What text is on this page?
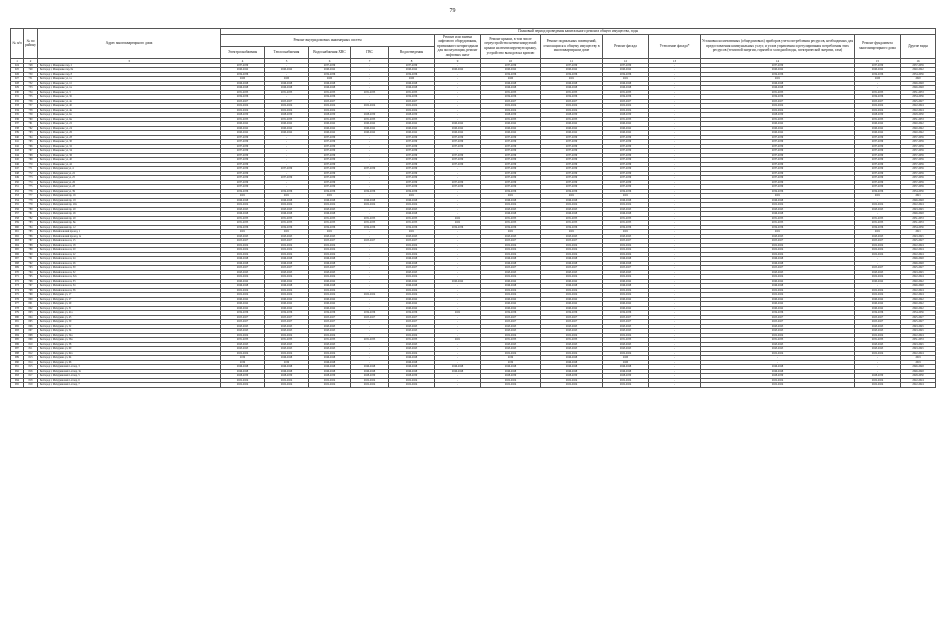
79
№ п/п	№ по району	Адрес многоквартирного дома	Плановый период проведения капитального ремонта общего имущества, годы												
			Ремонт внутридомовых инженерных систем					Ремонт или замена лифтового оборудования, признанного непригодным для эксплуатации, ремонт лифтовых шахт	Ремонт крыши, в том числе переустройство невентилируемой крыши на вентилируемую крышу, устройство выходов на кровлю	Ремонт подвальных помещений, относящихся к общему имуществу в многоквартирном доме	Ремонт фасада	Утепление фасада*	Установка коллективных (общедомовых) приборов учета потребления ресурсов, необходимых для предоставления коммунальных услуг, и узлов управления и регулирования потребления этих ресурсов (тепловой энергии, горячей и холодной воды, электрической энергии, газа)	Ремонт фундамента многоквартирного дома	Другие виды
			Электроснабжения	Теплоснабжения	Водоснабжения ХВС	ГВС	Водоотведения								
1	2	3	4	5	6	7	8	9	10	11	12	13	14	15	16
924	748	Белгород г, Макаренко пер, 2	2037-2039	-	2037-2039	-	2037-2039	-	2037-2039	2037-2039	2037-2039	-	2037-2039	2037-2039	2037-2039
925	749	Белгород г, Макаренко пер, 6а	2040-2042	2040-2042	2040-2042	-	2040-2042	2040-2042	2040-2042	2040-2042	2040-2042	-	2040-2042	2040-2042	2040-2042
926	750	Белгород г, Макаренко пер, 8	2034-2036	-	2034-2036	-	2034-2036	-	2034-2036	2034-2036	2034-2036	-	2034-2036	2034-2036	2034-2036
927	751	Белгород г, Макаренко ул, 1а	2020	2020	2020	-	2020	-	2020	2021	2021	-	2021	2020	2020
928	752	Белгород г, Макаренко ул, 1б	2046-2048	2046-2048	2046-2048	-	2046-2048	-	2046-2048	2046-2048	2046-2048	-	2046-2048	-	2046-2048
929	753	Белгород г, Макаренко ул, 1в	2046-2048	2046-2048	2046-2048	-	2046-2048	-	2046-2048	2046-2048	2046-2048	-	2046-2048	-	2046-2048
930	754	Белгород г, Макаренко ул, 3	2031-2033	2031-2033	2031-2033	2031-2033	2031-2033	-	2031-2033	2031-2033	2031-2033	-	2031-2033	2031-2033	2031-2033
931	755	Белгород г, Макаренко ул, 3б	2034-2036	-	2034-2036	-	2034-2036	-	2034-2036	2034-2036	2034-2036	-	2034-2036	2034-2036	2034-2036
932	756	Белгород г, Макаренко ул, 4а	2025-2027	2025-2027	2025-2027	-	2025-2027	-	2025-2027	2025-2027	2025-2027	-	2025-2027	2025-2027	2025-2027
933	757	Белгород г, Макаренко ул, 4б	2022-2024	2022-2024	2022-2024	2022-2024	2022-2024	-	2022-2024	2022-2024	2022-2024	-	2022-2024	2022-2024	2022-2024
934	758	Белгород г, Макаренко ул, 4в	2022-2024	2022-2024	2022-2024	-	2022-2024	-	2022-2024	2022-2024	2022-2024	-	2022-2024	2022-2024	2022-2024
935	759	Белгород г, Макаренко ул, 6а	2028-2030	2028-2030	2028-2030	2028-2030	2028-2030	-	2028-2030	2028-2030	2028-2030	-	2028-2030	2028-2030	2028-2030
936	760	Белгород г, Макаренко ул, 6в	2031-2033	2031-2033	2031-2033	2031-2033	2031-2033	-	2031-2033	2031-2033	2031-2033	-	2031-2033	2031-2033	2031-2033
937	761	Белгород г, Макаренко ул, 22	2040-2042	2040-2042	2040-2042	2040-2042	2040-2042	2040-2042	2040-2042	2040-2042	2040-2042	-	2040-2042	2040-2042	2040-2042
938	762	Белгород г, Макаренко ул, 24	2040-2042	2040-2042	2040-2042	2040-2042	2040-2042	2040-2042	2040-2042	2040-2042	2040-2042	-	2040-2042	2040-2042	2040-2042
939	763	Белгород г, Макаренко ул, 26	2040-2042	2040-2042	2040-2042	2040-2042	2040-2042	2040-2042	2040-2042	2040-2042	2040-2042	-	2040-2042	2040-2042	2040-2042
940	764	Белгород г, Макаренко ул, 28	2037-2039	-	2037-2039	-	2037-2039	2037-2039	2037-2039	2037-2039	2037-2039	-	2037-2039	2037-2039	2037-2039
941	765	Белгород г, Макаренко ул, 30	2037-2039	-	2037-2039	-	2037-2039	2037-2039	2037-2039	2037-2039	2037-2039	-	2037-2039	2037-2039	2037-2039
942	766	Белгород г, Макаренко ул, 32	2037-2039	-	2037-2039	-	2037-2039	2037-2039	2037-2039	2037-2039	2037-2039	-	2037-2039	2037-2039	2037-2039
943	767	Белгород г, Макаренко ул, 34	2037-2039	-	2037-2039	-	2037-2039	-	2037-2039	2037-2039	2037-2039	-	2037-2039	2037-2039	2037-2039
944	768	Белгород г, Макаренко ул, 36	2037-2039	-	2037-2039	-	2037-2039	2037-2039	2037-2039	2037-2039	2037-2039	-	2037-2039	2037-2039	2037-2039
945	769	Белгород г, Макаренко ул, 40	2037-2039	-	2037-2039	-	2037-2039	2037-2039	2037-2039	2037-2039	2037-2039	-	2037-2039	2037-2039	2037-2039
946	770	Белгород г, Макаренко ул, 42	2037-2039	-	2037-2039	-	2037-2039	2037-2039	2037-2039	2037-2039	2037-2039	-	2037-2039	2037-2039	2037-2039
947	771	Белгород г, Мичуринская ул, 4	2037-2039	2037-2039	2037-2039	2037-2039	2037-2039	-	2037-2039	2037-2039	2037-2039	-	2037-2039	2037-2039	2037-2039
948	772	Белгород г, Мичуринская ул, 22	2037-2039	-	2037-2039	-	2037-2039	-	2037-2039	2037-2039	2037-2039	-	2037-2039	2037-2039	2037-2039
949	773	Белгород г, Мичуринская ул, 25	2037-2039	2037-2039	2037-2039	-	2037-2039	-	2037-2039	2037-2039	2037-2039	-	2037-2039	2037-2039	2037-2039
950	774	Белгород г, Мичуринская ул, 26	2037-2039	-	2037-2039	-	2037-2039	2037-2039	2037-2039	2037-2039	2037-2039	-	2037-2039	2037-2039	2037-2039
951	775	Белгород г, Мичуринская ул, 28	2037-2039	-	2037-2039	-	2037-2039	2037-2039	2037-2039	2037-2039	2037-2039	-	2037-2039	2037-2039	2037-2039
952	776	Белгород г, Мичуринская ул, 39	2034-2036	2034-2036	2034-2036	2034-2036	2034-2036	-	2034-2036	2034-2036	2034-2036	-	2034-2036	2034-2036	2034-2036
953	777	Белгород г, Мичуринский пр, 16	2021	2021	2021	-	2021	-	2021	2021	2021	-	2021	2021	2021
954	778	Белгород г, Мичуринский пр, 18	2046-2048	2046-2048	2046-2048	2046-2048	2046-2048	-	2046-2048	2046-2048	2046-2048	-	2046-2048	-	2046-2048
955	779	Белгород г, Мичуринский пр, 20а	2022-2024	2022-2024	2022-2024	2022-2024	2022-2024	-	2022-2024	2022-2024	2022-2024	-	2022-2024	2022-2024	2022-2024
956	780	Белгород г, Мичуринский пр, 20	2043-2045	2043-2045	2043-2045	-	2043-2045	-	2043-2045	2043-2045	2043-2045	-	2043-2045	2043-2045	2043-2045
957	781	Белгород г, Мичуринский пр, 26	2046-2048	2046-2048	2046-2048	-	2046-2048	-	2046-2048	2046-2048	2046-2048	-	2046-2048	-	2046-2048
958	782	Белгород г, Мичуринский пр, 20	2031-2033	2031-2033	2031-2033	2031-2033	2031-2033	2022	2031-2033	2031-2033	2031-2033	-	2031-2033	2031-2033	2031-2033
959	783	Белгород г, Мичуринский пр, 8в	2031-2033	2031-2033	2031-2033	2031-2033	2031-2033	2022	2031-2033	2031-2033	2031-2033	-	2031-2033	2031-2033	2031-2033
960	784	Белгород г, Мичуринский пр, 12	2034-2036	2034-2036	2034-2036	2034-2036	2034-2036	2034-2036	2034-2036	2034-2036	2034-2036	-	2034-2036	2034-2036	2034-2036
961	785	Белгород г, Михайловский проезд, 1	2021	2021	2021	-	2021	-	2021	2021	2021	-	2021	2021	2021
962	786	Белгород г, Михайловский проезд, 1а	2043-2045	2043-2045	2043-2045	-	2043-2045	-	2043-2045	2043-2045	2043-2045	-	2043-2045	2043-2045	2043-2045
963	787	Белгород г, Михайловское ш, 15	2025-2027	2025-2027	2025-2027	2025-2027	2025-2027	-	2025-2027	2025-2027	2025-2027	-	2025-2027	2025-2027	2025-2027
964	788	Белгород г, Михайловское ш, 18	2022-2024	2022-2024	2022-2024	-	2022-2024	-	2022-2024	2022-2024	2022-2024	-	2022-2024	2022-2024	2022-2024
965	789	Белгород г, Михайловское ш, 20	2022-2024	2022-2024	2022-2024	-	2022-2024	-	2022-2024	2022-2024	2022-2024	-	2022-2024	2022-2024	2022-2024
966	790	Белгород г, Михайловское ш, 22	2022-2024	2022-2024	2022-2024	-	2022-2024	-	2022-2024	2022-2024	2022-2024	-	2022-2024	2022-2024	2022-2024
967	791	Белгород г, Михайловское ш, 24	2046-2048	2046-2048	2046-2048	-	2046-2048	-	2046-2048	2046-2048	2046-2048	-	2046-2048	-	2046-2048
968	792	Белгород г, Михайловское ш, 26	2046-2048	2046-2048	2046-2048	-	2046-2048	-	2046-2048	2046-2048	2046-2048	-	2046-2048	-	2046-2048
969	793	Белгород г, Михайловское ш, 30	2025-2027	2025-2027	2025-2027	-	2025-2027	-	2025-2027	2025-2027	2025-2027	-	2025-2027	2025-2027	2025-2027
970	794	Белгород г, Михайловское ш, 32	2043-2045	2043-2045	2043-2045	-	2043-2045	-	2043-2045	2043-2045	2043-2045	-	2043-2045	2043-2045	2043-2045
971	795	Белгород г, Михайловское ш, 32а	2022-2024	2022-2024	2022-2024	-	2022-2024	-	2022-2024	2022-2024	2022-2024	-	2022-2024	2022-2024	2022-2024
972	796	Белгород г, Михайловское ш, 33	2040-2042	2040-2042	2040-2042	-	2040-2042	2040-2042	2040-2042	2040-2042	2040-2042	-	2040-2042	2040-2042	2040-2042
973	797	Белгород г, Михайловское ш, 34	2046-2048	2046-2048	2046-2048	-	2046-2048	-	2046-2048	2046-2048	2046-2048	-	2046-2048	-	2046-2048
974	798	Белгород г, Михайловское ш, 36	2022-2024	2022-2024	2022-2024	-	2022-2024	-	2022-2024	2022-2024	2022-2024	-	2022-2024	2022-2024	2022-2024
975	799	Белгород г, Мичурина ул, 17	2022-2024	2022-2024	2022-2024	2022-2024	2022-2024	-	2022-2024	2022-2024	2022-2024	-	2022-2024	2022-2024	2022-2024
976	800	Белгород г, Мичурина ул, 27	2040-2042	2040-2042	2040-2042	-	2040-2042	-	2040-2042	2040-2042	2040-2042	-	2040-2042	2040-2042	2040-2042
977	801	Белгород г, Мичурина ул, 29	2040-2042	2040-2042	2040-2042	-	2040-2042	-	2040-2042	2040-2042	2040-2042	-	2040-2042	2040-2042	2040-2042
978	802	Белгород г, Мичурина ул, 31	2040-2042	2040-2042	2040-2042	-	2040-2042	-	2040-2042	2040-2042	2040-2042	-	2040-2042	2040-2042	2040-2042
979	803	Белгород г, Мичурина ул, 41а	2034-2036	2034-2036	2034-2036	2034-2036	2034-2036	2022	2034-2036	2034-2036	2034-2036	-	2034-2036	2034-2036	2034-2036
980	804	Белгород г, Мичурина ул, 43	2025-2027	2025-2027	2025-2027	2025-2027	2025-2027	-	2025-2027	2025-2027	2025-2027	-	2025-2027	2025-2027	2025-2027
981	805	Белгород г, Мичурина ул, 50	2025-2027	2025-2027	2025-2027	-	2025-2027	-	2025-2027	2025-2027	2025-2027	-	2025-2027	2025-2027	2025-2027
982	806	Белгород г, Мичурина ул, 52	2043-2045	2043-2045	2043-2045	-	2043-2045	-	2043-2045	2043-2045	2043-2045	-	2043-2045	2043-2045	2043-2045
983	807	Белгород г, Мичурина ул, 54	2043-2045	2043-2045	2043-2045	-	2043-2045	-	2043-2045	2043-2045	2043-2045	-	2043-2045	2043-2045	2043-2045
984	808	Белгород г, Мичурина ул, 54а	2022-2024	2022-2024	2022-2024	-	2022-2024	-	2022-2024	2022-2024	2022-2024	-	2022-2024	2022-2024	2022-2024
985	809	Белгород г, Мичурина ул, 56а	2031-2033	2031-2033	2031-2033	2031-2033	2031-2033	2021	2031-2033	2031-2033	2031-2033	-	2031-2033	2031-2033	2031-2033
986	810	Белгород г, Мичурина ул, 58	2043-2045	2043-2045	2043-2045	-	2043-2045	-	2043-2045	2043-2045	2043-2045	-	2043-2045	2043-2045	2043-2045
987	811	Белгород г, Мичурина ул, 60	2043-2045	2043-2045	2043-2045	-	2043-2045	-	2043-2045	2043-2045	2043-2045	-	2043-2045	2043-2045	2043-2045
988	812	Белгород г, Мичурина ул, 62а	2022-2024	2022-2024	2022-2024	-	2022-2024	-	2022-2024	2022-2024	2022-2024	-	2022-2024	2022-2024	2022-2024
989	813	Белгород г, Мичурина ул, 64	2019	2046-2048	2046-2048	-	2046-2048	-	2019	2046-2048	2020	-	-	-	2019
990	814	Белгород г, Мичурина ул, 66	2019	2019	2046-2048	-	2046-2048	-	2019	2046-2048	2020	-	-	-	2019
991	815	Белгород г, Мичуринский 1-й пер, 3	2046-2048	2046-2048	2046-2048	2046-2048	2046-2048	2046-2048	2046-2048	2046-2048	2046-2048	-	2046-2048	-	2046-2048
992	816	Белгород г, Мичуринский 1-й пер, 3а	2046-2048	2046-2048	2046-2048	2046-2048	2046-2048	2046-2048	2046-2048	2046-2048	2046-2048	-	2046-2048	-	2046-2048
993	817	Белгород г, Мичуринский 1-й пер, 5	2028-2030	2028-2030	2028-2030	2028-2030	2028-2030	-	2028-2030	2028-2030	2028-2030	-	2028-2030	2028-2030	2028-2030
994	818	Белгород г, Мичуринский 1-й пер, 6	2022-2024	2022-2024	2022-2024	2022-2024	2022-2024	-	2022-2024	2022-2024	2022-2024	-	2022-2024	2022-2024	2022-2024
995	819	Белгород г, Мичуринский 1-й пер, 7	2022-2024	2022-2024	2022-2024	2022-2024	2022-2024	-	2022-2024	2022-2024	2022-2024	-	2022-2024	2022-2024	2022-2024
